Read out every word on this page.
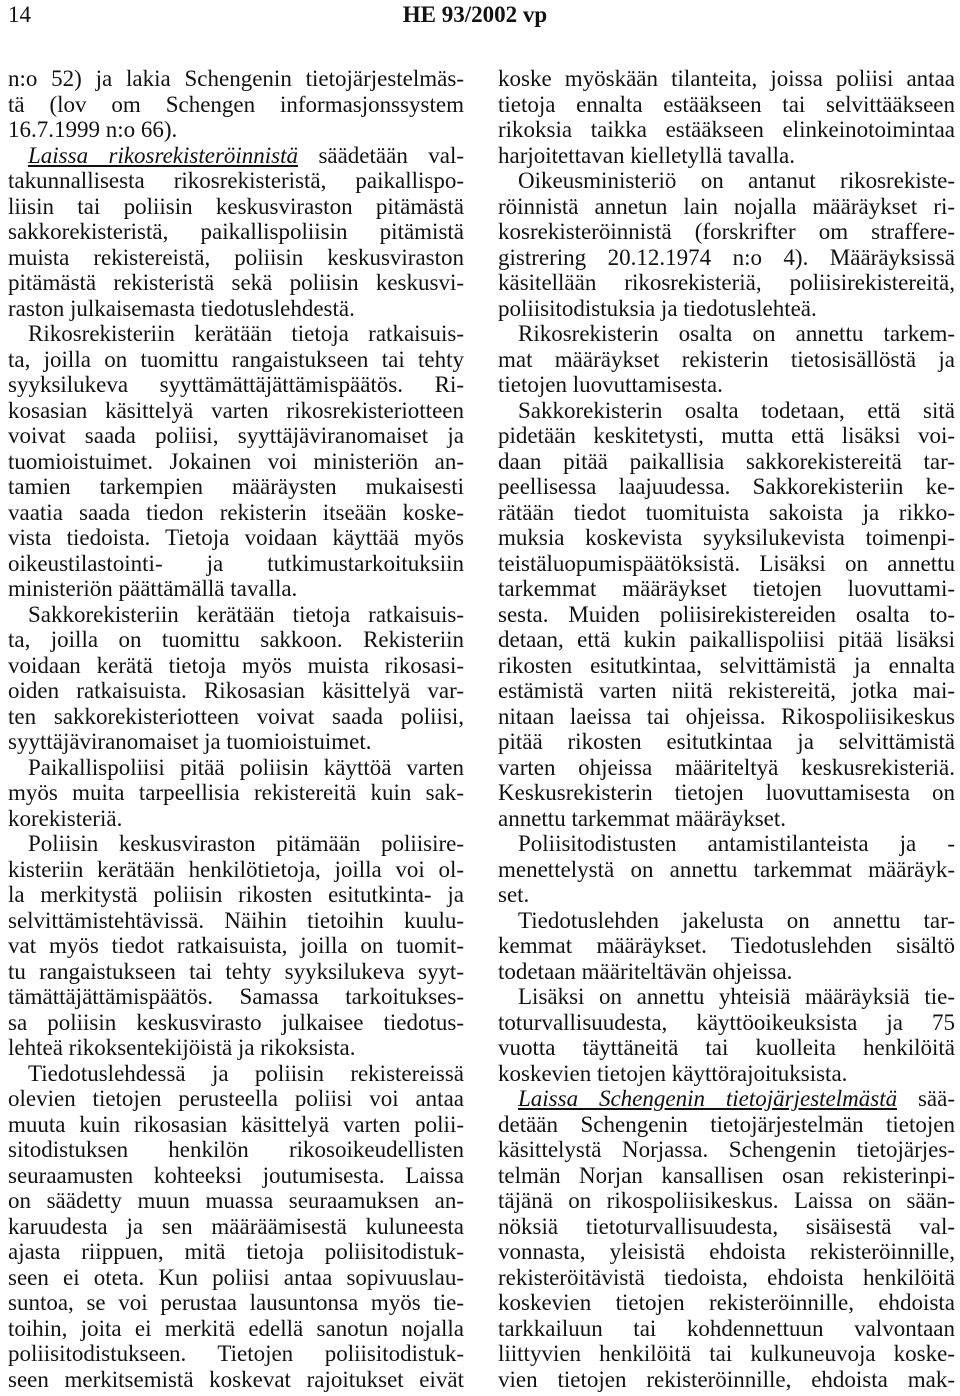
14	HE 93/2002 vp
n:o 52) ja lakia Schengenin tietojärjestelmäs-
tä (lov om Schengen informasjonssystem
16.7.1999 n:o 66).
Laissa rikosrekisteröinnistä säädetään val-
takunnallisesta rikosrekisteristä, paikallispo-
liisin tai poliisin keskusviraston pitämästä
sakkorekisteristä, paikallispoliisin pitämistä
muista rekistereistä, poliisin keskusviraston
pitämästä rekisteristä sekä poliisin keskusvi-
raston julkaisemasta tiedotuslehdestä.
Rikosrekisteriin kerätään tietoja ratkaisuis-
ta, joilla on tuomittu rangaistukseen tai tehty
syyksilukeva syyttämättäjättämispäätös. Ri-
kosasian käsittelyä varten rikosrekisteriotteen
voivat saada poliisi, syyttäjäviranomaiset ja
tuomioistuimet. Jokainen voi ministeriön an-
tamien tarkempien määräysten mukaisesti
vaatia saada tiedon rekisterin itseään koske-
vista tiedoista. Tietoja voidaan käyttää myös
oikeustilastointi- ja tutkimustarkoituksiin
ministeriön päättämällä tavalla.
Sakkorekisteriin kerätään tietoja ratkaisuis-
ta, joilla on tuomittu sakkoon. Rekisteriin
voidaan kerätä tietoja myös muista rikosasi-
oiden ratkaisuista. Rikosasian käsittelyä var-
ten sakkorekisteriotteen voivat saada poliisi,
syyttäjäviranomaiset ja tuomioistuimet.
Paikallispoliisi pitää poliisin käyttöä varten
myös muita tarpeellisia rekistereitä kuin sak-
korekisteriä.
Poliisin keskusviraston pitämään poliisire-
kisteriin kerätään henkilötietoja, joilla voi ol-
la merkitystä poliisin rikosten esitutkinta- ja
selvittämistehtävissä. Näihin tietoihin kuulu-
vat myös tiedot ratkaisuista, joilla on tuomit-
tu rangaistukseen tai tehty syyksilukeva syyt-
tämättäjättämispäätös. Samassa tarkoitukses-
sa poliisin keskusvirasto julkaisee tiedotus-
lehteä rikoksentekijöistä ja rikoksista.
Tiedotuslehdessä ja poliisin rekistereissä
olevien tietojen perusteella poliisi voi antaa
muuta kuin rikosasian käsittelyä varten polii-
sitodistuksen henkilön rikosoikeudellisten
seuraamusten kohteeksi joutumisesta. Laissa
on säädetty muun muassa seuraamuksen an-
karuudesta ja sen määräämisestä kuluneesta
ajasta riippuen, mitä tietoja poliisitodistuk-
seen ei oteta. Kun poliisi antaa sopivuuslau-
suntoa, se voi perustaa lausuntonsa myös tie-
toihin, joita ei merkitä edellä sanotun nojalla
poliisitodistukseen. Tietojen poliisitodistuk-
seen merkitsemistä koskevat rajoitukset eivät
koske myöskään tilanteita, joissa poliisi antaa
tietoja ennalta estääkseen tai selvittääkseen
rikoksia taikka estääkseen elinkeinotoimintaa
harjoitettavan kielletyllä tavalla.
Oikeusministeriö on antanut rikosrekiste-
röinnistä annetun lain nojalla määräykset ri-
kosrekisteröinnistä (forskrifter om straffere-
gistrering 20.12.1974 n:o 4). Määräyksissä
käsitellään rikosrekisteriä, poliisirekistereitä,
poliisitodistuksia ja tiedotuslehteä.
Rikosrekisterin osalta on annettu tarkem-
mat määräykset rekisterin tietosisällöstä ja
tietojen luovuttamisesta.
Sakkorekisterin osalta todetaan, että sitä
pidetään keskitetysti, mutta että lisäksi voi-
daan pitää paikallisia sakkorekistereitä tar-
peellisessa laajuudessa. Sakkorekisteriin ke-
rätään tiedot tuomituista sakoista ja rikko-
muksia koskevista syyksilukevista toimenpi-
teistäluopumispäätöksistä. Lisäksi on annettu
tarkemmat määräykset tietojen luovuttami-
sesta. Muiden poliisirekistereiden osalta to-
detaan, että kukin paikallispoliisi pitää lisäksi
rikosten esitutkintaa, selvittämistä ja ennalta
estämistä varten niitä rekistereitä, jotka mai-
nitaan laeissa tai ohjeissa. Rikospoliisikeskus
pitää rikosten esitutkintaa ja selvittämistä
varten ohjeissa määriteltyä keskusrekisteriä.
Keskusrekisterin tietojen luovuttamisesta on
annettu tarkemmat määräykset.
Poliisitodistusten antamistilanteista ja -
menettelystä on annettu tarkemmat määräyk-
set.
Tiedotuslehden jakelusta on annettu tar-
kemmat määräykset. Tiedotuslehden sisältö
todetaan määriteltävän ohjeissa.
Lisäksi on annettu yhteisiä määräyksiä tie-
toturvallisuudesta, käyttöoikeuksista ja 75
vuotta täyttäneitä tai kuolleita henkilöitä
koskevien tietojen käyttörajoituksista.
Laissa Schengenin tietojärjestelmästä sää-
detään Schengenin tietojärjestelmän tietojen
käsittelystä Norjassa. Schengenin tietojärjes-
telmän Norjan kansallisen osan rekisterinpi-
täjänä on rikospoliisikeskus. Laissa on sään-
nöksiä tietoturvallisuudesta, sisäisestä val-
vonnasta, yleisistä ehdoista rekisteröinnille,
rekisteröitävistä tiedoista, ehdoista henkilöitä
koskevien tietojen rekisteröinnille, ehdoista
tarkkailuun tai kohdennettuun valvontaan
liittyvien henkilöitä tai kulkuneuvoja koske-
vien tietojen rekisteröinnille, ehdoista mak-
